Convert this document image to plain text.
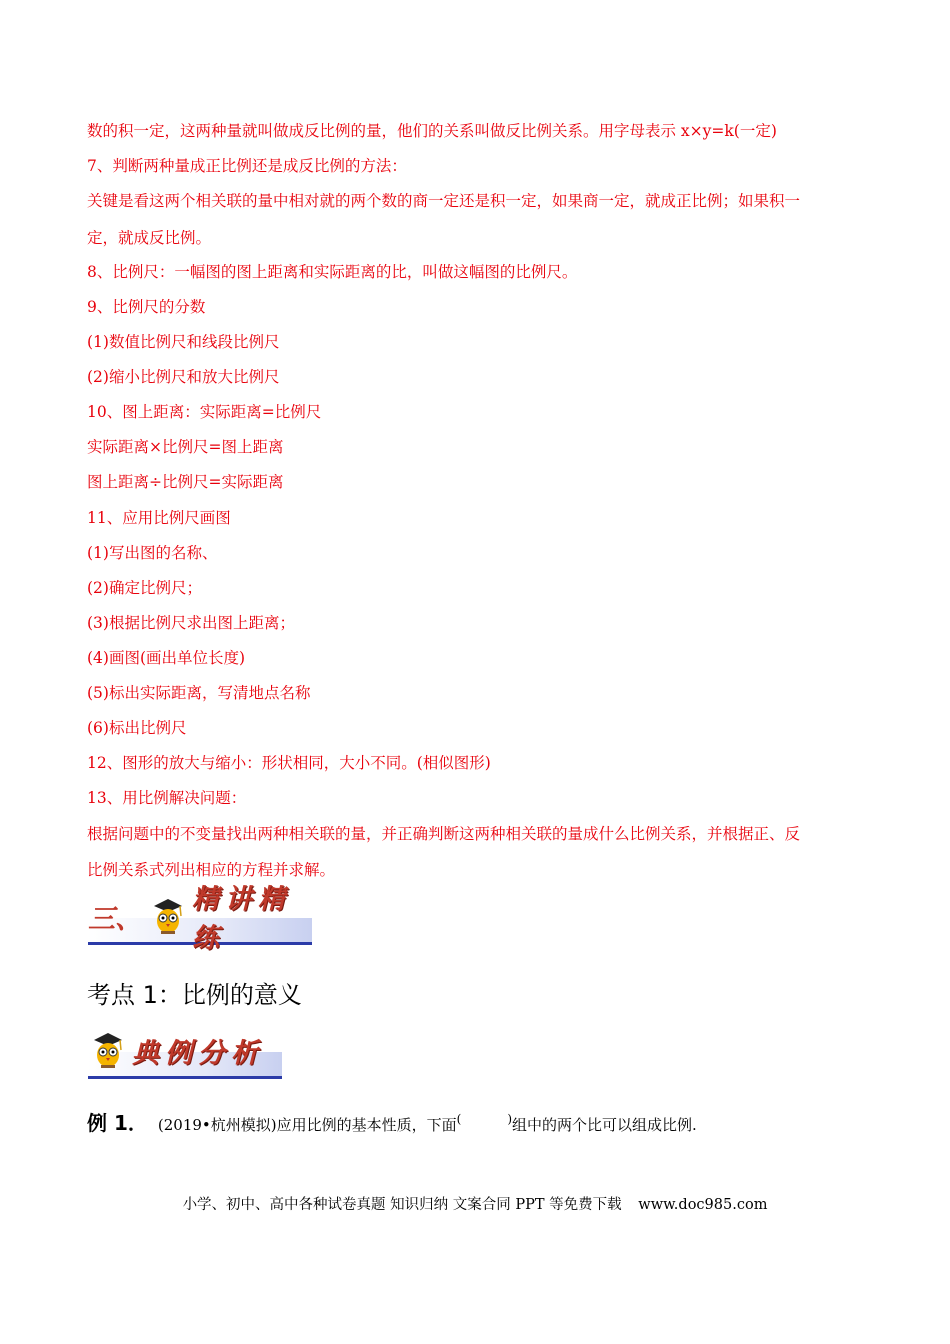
数的积一定，这两种量就叫做成反比例的量，他们的关系叫做反比例关系。用字母表示 x×y=k(一定)
7、判断两种量成正比例还是成反比例的方法：
关键是看这两个相关联的量中相对就的两个数的商一定还是积一定，如果商一定，就成正比例；如果积一
定，就成反比例。
8、比例尺：一幅图的图上距离和实际距离的比，叫做这幅图的比例尺。
9、比例尺的分数
(1)数值比例尺和线段比例尺
(2)缩小比例尺和放大比例尺
10、图上距离：实际距离=比例尺
实际距离×比例尺=图上距离
图上距离÷比例尺=实际距离
11、应用比例尺画图
(1)写出图的名称、
(2)确定比例尺；
(3)根据比例尺求出图上距离；
(4)画图(画出单位长度)
(5)标出实际距离，写清地点名称
(6)标出比例尺
12、图形的放大与缩小：形状相同，大小不同。(相似图形)
13、用比例解决问题：
根据问题中的不变量找出两种相关联的量，并正确判断这两种相关联的量成什么比例关系，并根据正、反
比例关系式列出相应的方程并求解。
三、
精讲精练
考点 1：比例的意义
典例分析
例 1． (2019•杭州模拟)应用比例的基本性质，下面(	)组中的两个比可以组成比例.
小学、初中、高中各种试卷真题 知识归纳 文案合同 PPT 等免费下载 www.doc985.com
